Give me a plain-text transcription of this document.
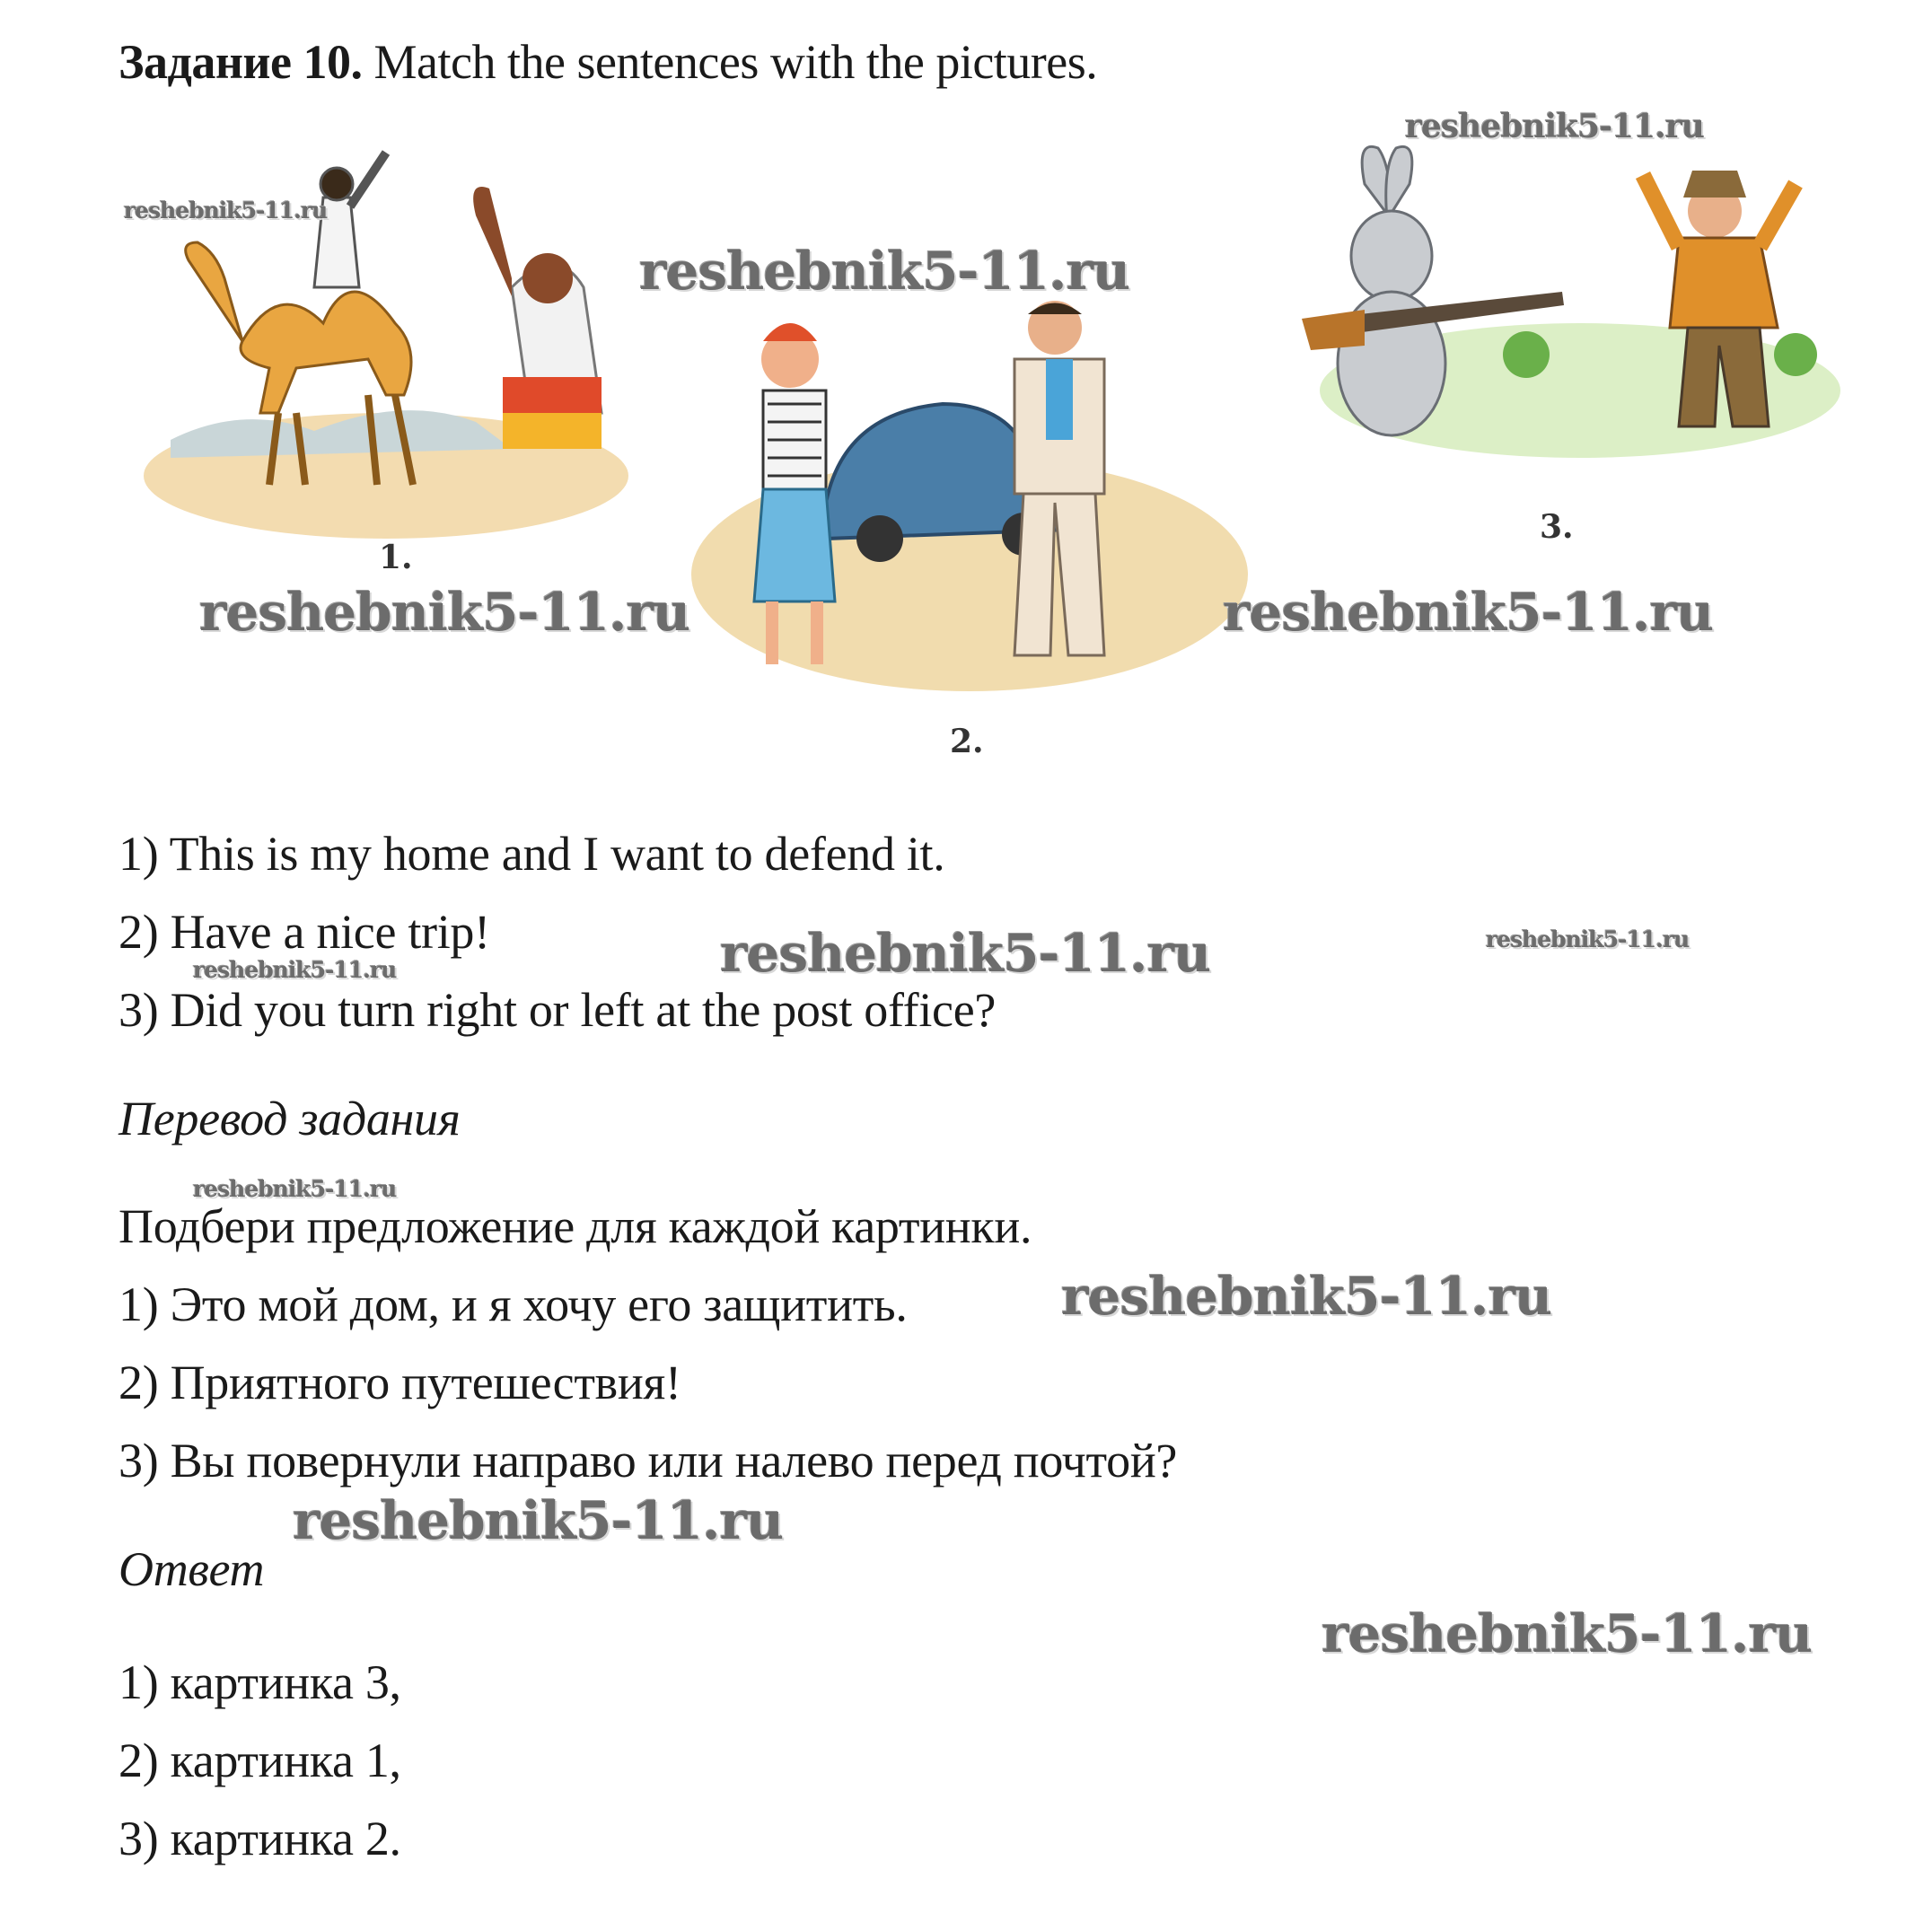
Задание 10. Match the sentences with the pictures.
1.
2.
3.
1) This is my home and I want to defend it.
2) Have a nice trip!
3) Did you turn right or left at the post office?
Перевод задания
Подбери предложение для каждой картинки.
1) Это мой дом, и я хочу его защитить.
2) Приятного путешествия!
3) Вы повернули направо или налево перед почтой?
Ответ
1) картинка 3,
2) картинка 1,
3) картинка 2.
reshebnik5-11.ru
reshebnik5-11.ru
reshebnik5-11.ru
reshebnik5-11.ru	reshebnik5-11.ru
reshebnik5-11.ru
reshebnik5-11.ru
reshebnik5-11.ru
reshebnik5-11.ru
reshebnik5-11.ru
reshebnik5-11.ru
reshebnik5-11.ru
